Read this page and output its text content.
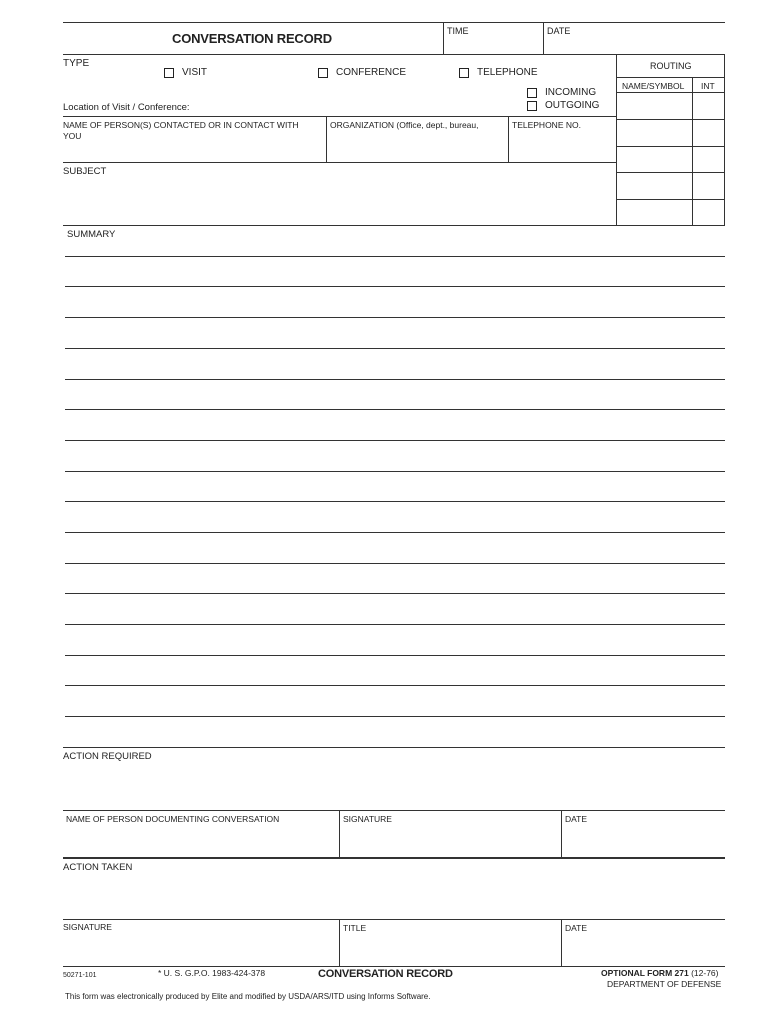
CONVERSATION RECORD	TIME	DATE
TYPE
VISIT	CONFERENCE	TELEPHONE
INCOMING
OUTGOING
Location of Visit / Conference:
ROUTING
NAME/SYMBOL INT
NAME OF PERSON(S) CONTACTED OR IN CONTACT WITH YOU
ORGANIZATION (Office, dept., bureau,	TELEPHONE NO.
SUBJECT
SUMMARY
ACTION REQUIRED
NAME OF PERSON DOCUMENTING CONVERSATION	SIGNATURE	DATE
ACTION TAKEN
SIGNATURE	TITLE	DATE
50271-101	* U. S. G.P.O. 1983-424-378	CONVERSATION RECORD	OPTIONAL FORM 271 (12-76)
DEPARTMENT OF DEFENSE
This form was electronically produced by Elite and modified by USDA/ARS/ITD using Informs Software.
